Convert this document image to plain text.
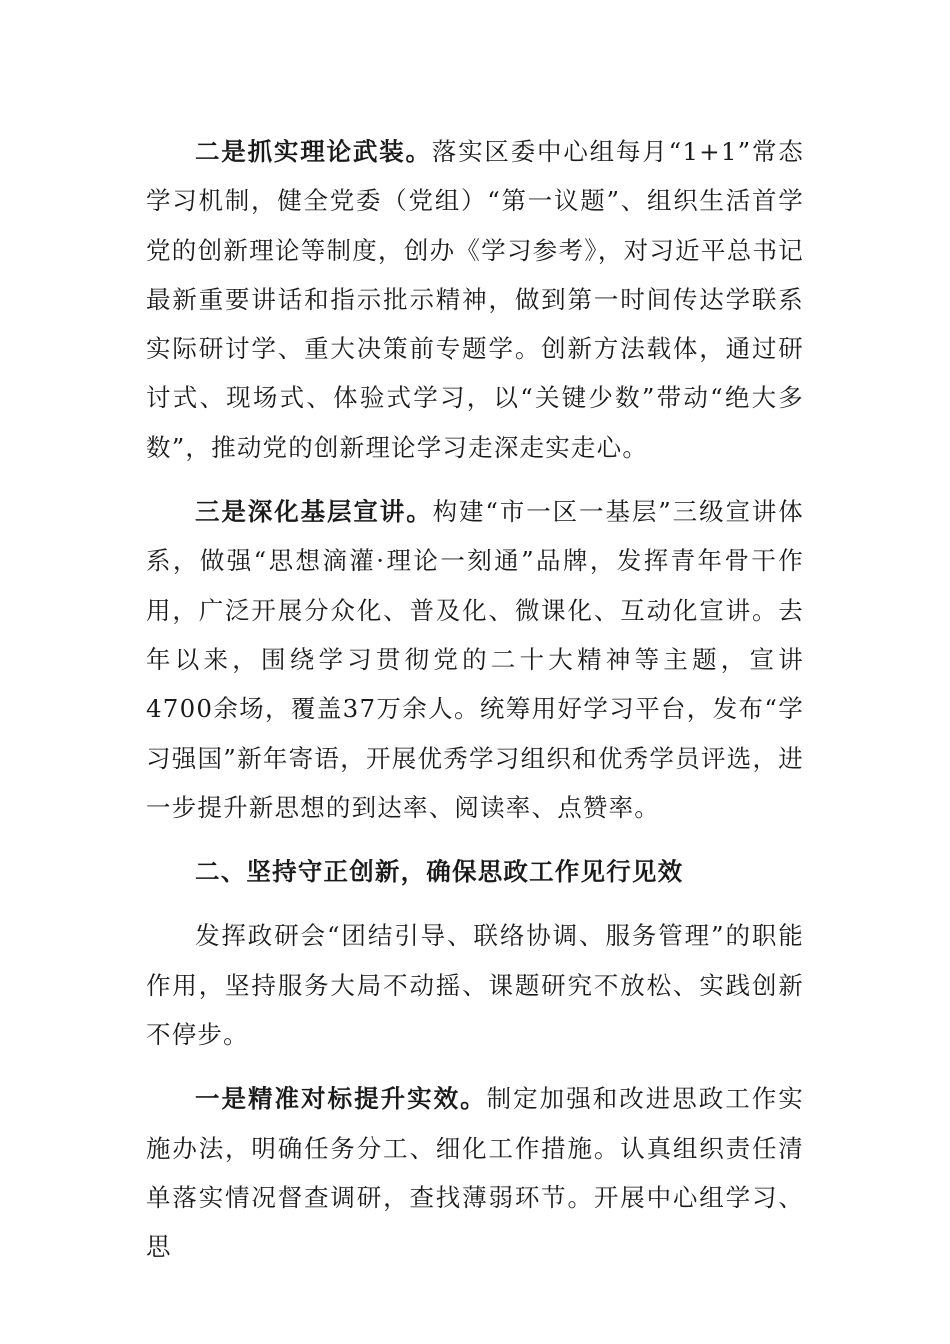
二是抓实理论武装。落实区委中心组每月“1+1”常态学习机制，健全党委（党组）“第一议题”、组织生活首学党的创新理论等制度，创办《学习参考》，对习近平总书记最新重要讲话和指示批示精神，做到第一时间传达学联系实际研讨学、重大决策前专题学。创新方法载体，通过研讨式、现场式、体验式学习，以“关键少数”带动“绝大多数”，推动党的创新理论学习走深走实走心。

三是深化基层宣讲。构建“市一区一基层”三级宣讲体系，做强“思想滴灌·理论一刻通”品牌，发挥青年骨干作用，广泛开展分众化、普及化、微课化、互动化宣讲。去年以来，围绕学习贯彻党的二十大精神等主题，宣讲4700余场，覆盖37万余人。统筹用好学习平台，发布“学习强国”新年寄语，开展优秀学习组织和优秀学员评选，进一步提升新思想的到达率、阅读率、点赞率。

二、坚持守正创新，确保思政工作见行见效

发挥政研会“团结引导、联络协调、服务管理”的职能作用，坚持服务大局不动摇、课题研究不放松、实践创新不停步。

一是精准对标提升实效。制定加强和改进思政工作实施办法，明确任务分工、细化工作措施。认真组织责任清单落实情况督查调研，查找薄弱环节。开展中心组学习、思
